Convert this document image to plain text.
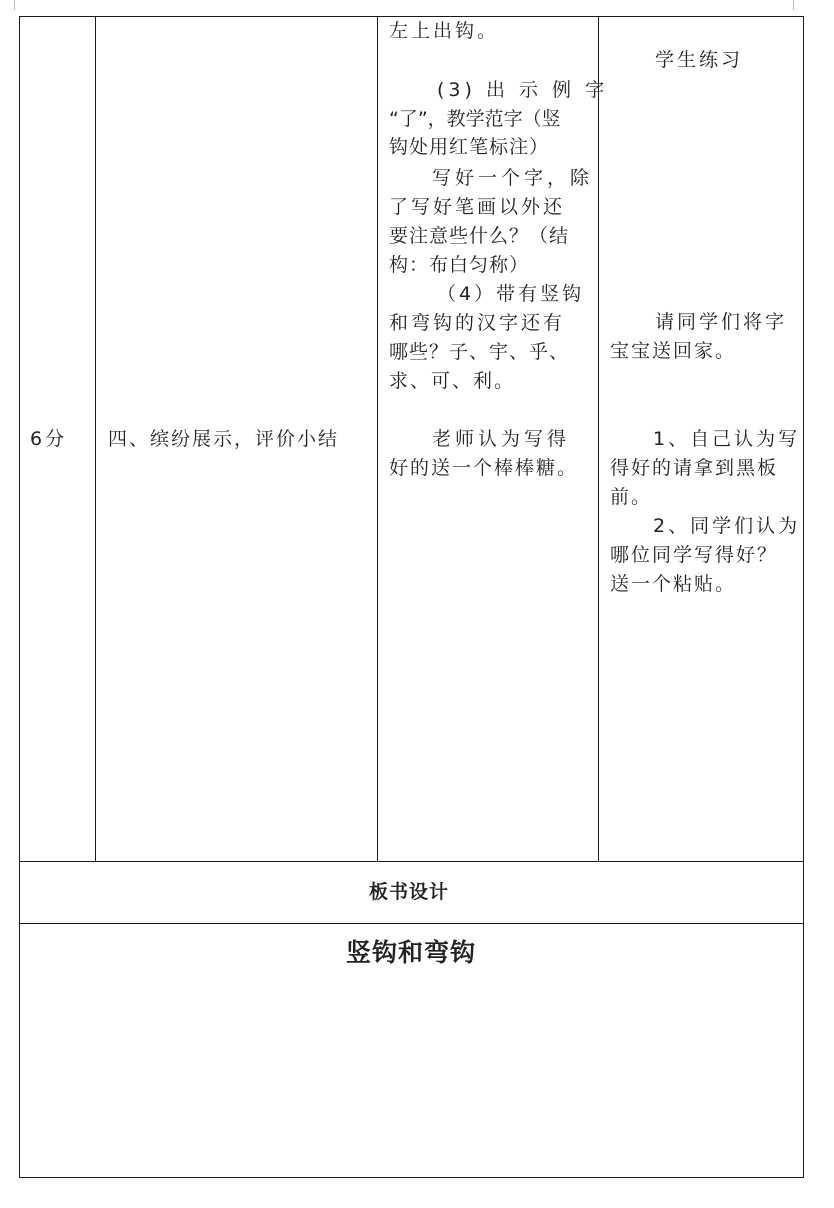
6分 四、缤纷展示，评价小结
左上出钩。
(3) 出 示 例 字
“了”，教学范字（竖
钩处用红笔标注）
写好一个字，除
了写好笔画以外还
要注意些什么？（结
构：布白匀称）
（4）带有竖钩
和弯钩的汉字还有
哪些？子、宇、乎、
求、可、利。
老师认为写得
好的送一个棒棒糖。
学生练习
请同学们将字
宝宝送回家。
1、自己认为写
得好的请拿到黑板
前。
2、同学们认为
哪位同学写得好？
送一个粘贴。
板书设计
竖钩和弯钩
